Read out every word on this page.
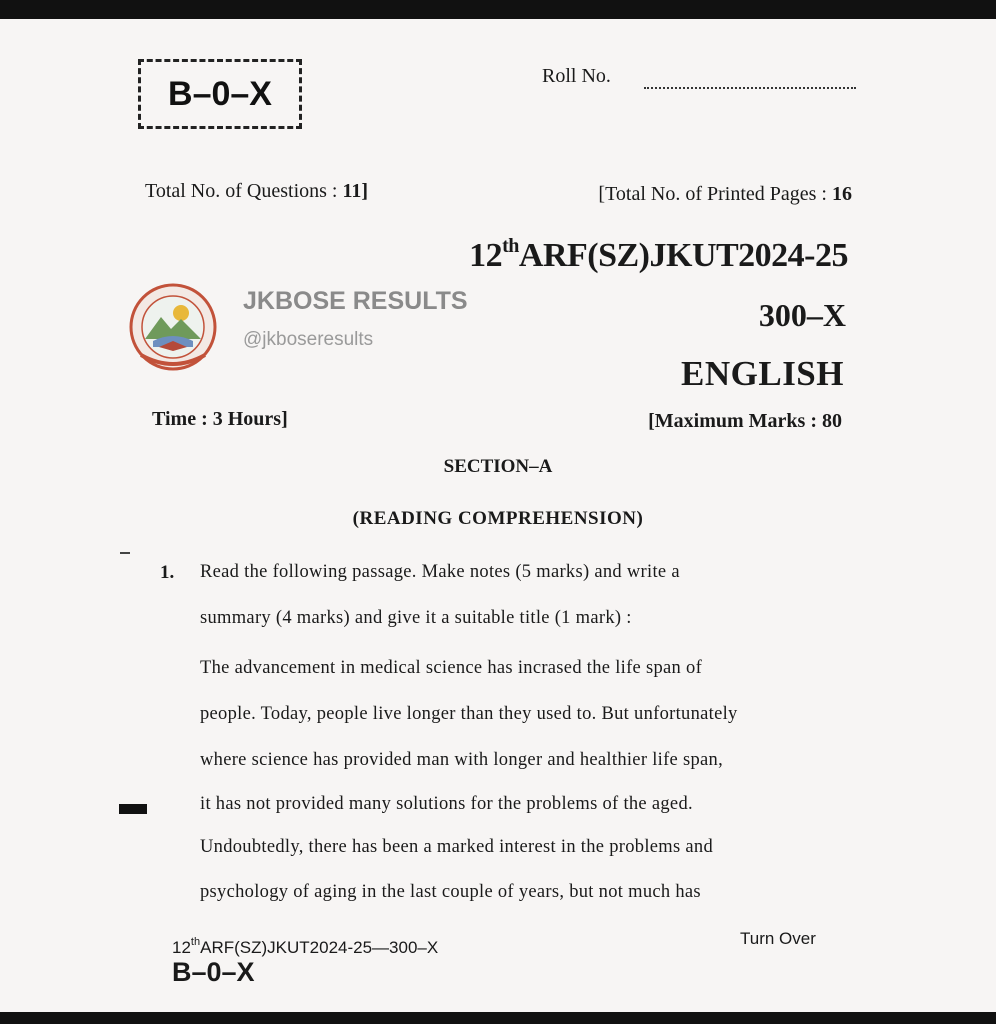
B–0–X	Roll No.
Total No. of Questions : 11]	[Total No. of Printed Pages : 16
12thARF(SZ)JKUT2024-25
300–X
ENGLISH
JKBOSE RESULTS
@jkboseresults
Time : 3 Hours]	[Maximum Marks : 80
SECTION–A
(READING COMPREHENSION)
1. Read the following passage. Make notes (5 marks) and write a
summary (4 marks) and give it a suitable title (1 mark) :
The advancement in medical science has incrased the life span of
people. Today, people live longer than they used to. But unfortunately
where science has provided man with longer and healthier life span,
it has not provided many solutions for the problems of the aged.
Undoubtedly, there has been a marked interest in the problems and
psychology of aging in the last couple of years, but not much has
12thARF(SZ)JKUT2024-25—300–X
B–0–X
Turn Over
